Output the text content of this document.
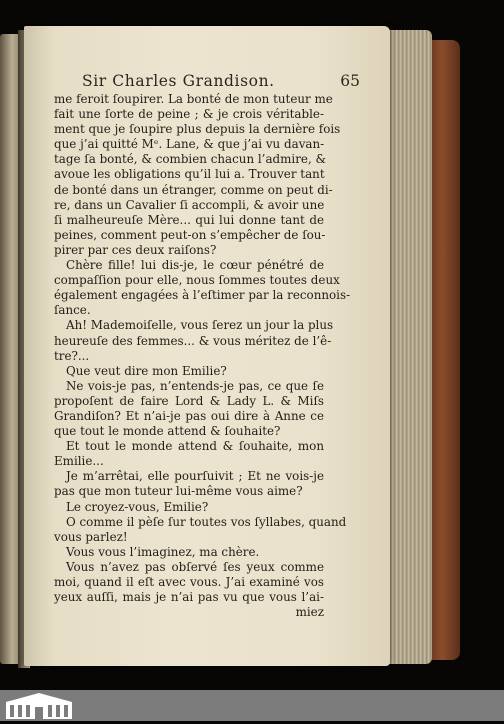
Sir Charles Grandison.	65
me feroit ſoupirer. La bonté de mon tuteur me
fait une ſorte de peine ; & je crois véritable-
ment que je ſoupire plus depuis la dernière fois
que j’ai quitté Mᵉ. Lane, & que j’ai vu davan-
tage ſa bonté, & combien chacun l’admire, &
avoue les obligations qu’il lui a. Trouver tant
de bonté dans un étranger, comme on peut di-
re, dans un Cavalier ſi accompli, & avoir une
ſi malheureuſe Mère... qui lui donne tant de
peines, comment peut-on s’empêcher de ſou-
pirer par ces deux raiſons?
Chère fille! lui dis-je, le cœur pénétré de
compaſſion pour elle, nous ſommes toutes deux
également engagées à l’eſtimer par la reconnois-
ſance.
Ah! Mademoiſelle, vous ſerez un jour la plus
heureuſe des femmes... & vous méritez de l’ê-
tre?...
Que veut dire mon Emilie?
Ne vois-je pas, n’entends-je pas, ce que ſe
propoſent de faire Lord & Lady L. & Miſs
Grandiſon? Et n’ai-je pas oui dire à Anne ce
que tout le monde attend & ſouhaite?
Et tout le monde attend & ſouhaite, mon
Emilie...
Je m’arrêtai, elle pourſuivit ; Et ne vois-je
pas que mon tuteur lui-même vous aime?
Le croyez-vous, Emilie?
O comme il pèſe ſur toutes vos ſyllabes, quand
vous parlez!
Vous vous l’imaginez, ma chère.
Vous n’avez pas obſervé ſes yeux comme
moi, quand il eſt avec vous. J’ai examiné vos
yeux auſſi, mais je n’ai pas vu que vous l’ai-
miez
